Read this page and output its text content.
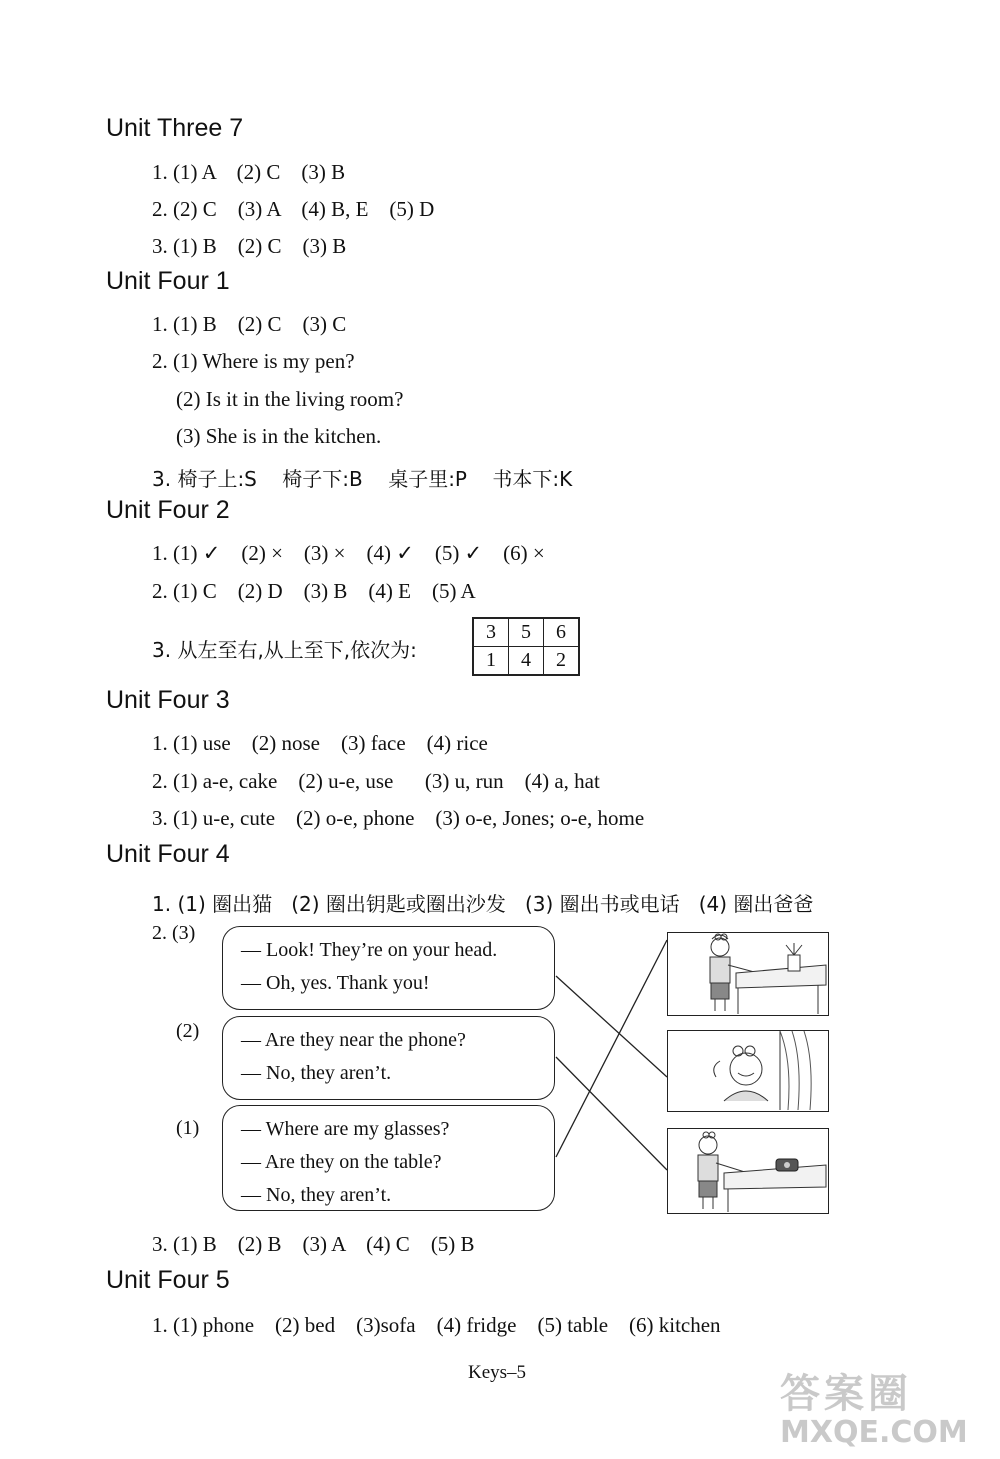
Unit Three 7

1. (1) A    (2) C    (3) B

2. (2) C    (3) A    (4) B, E    (5) D

3. (1) B    (2) C    (3) B

Unit Four 1

1. (1) B    (2) C    (3) C

2. (1) Where is my pen?

(2) Is it in the living room?

(3) She is in the kitchen.

3. 椅子上:S    椅子下:B    桌子里:P    书本下:K

Unit Four 2

1. (1) ✓    (2) ×    (3) ×    (4) ✓    (5) ✓    (6) ×

2. (1) C    (2) D    (3) B    (4) E    (5) A

3. 从左至右,从上至下,依次为:

3	5	6
1	4	2
Unit Four 3

1. (1) use    (2) nose    (3) face    (4) rice

2. (1) a-e, cake    (2) u-e, use      (3) u, run    (4) a, hat

3. (1) u-e, cute    (2) o-e, phone    (3) o-e, Jones; o-e, home

Unit Four 4

1. (1) 圈出猫   (2) 圈出钥匙或圈出沙发   (3) 圈出书或电话   (4) 圈出爸爸

2. (3)

— Look! They’re on your head.

— Oh, yes. Thank you!

(2) — Are they near the phone?

— No, they aren’t.

(1) — Where are my glasses?

— Are they on the table?

— No, they aren’t.

3. (1) B    (2) B    (3) A    (4) C    (5) B

Unit Four 5

1. (1) phone    (2) bed    (3)sofa    (4) fridge    (5) table    (6) kitchen

Keys–5	答案圈
MXQE.COM
